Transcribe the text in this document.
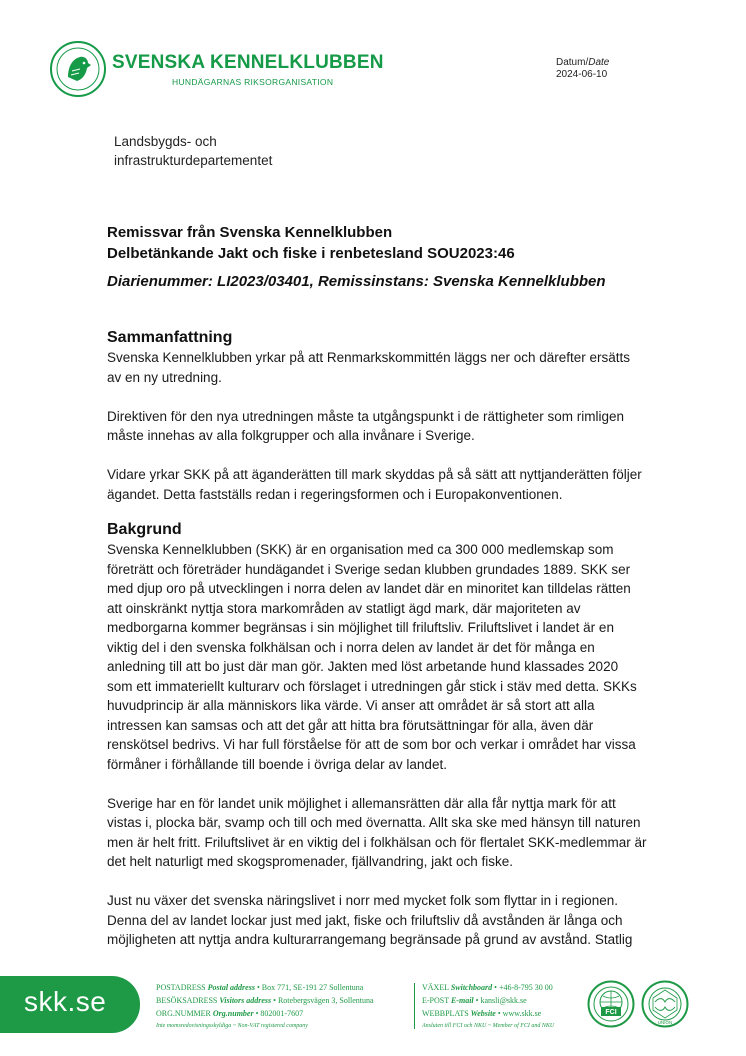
SVENSKA KENNELKLUBBEN
HUNDÄGARNAS RIKSORGANISATION
Datum/Date
2024-06-10
Landsbygds- och
infrastrukturdepartementet
Remissvar från Svenska Kennelklubben
Delbetänkande Jakt och fiske i renbetesland SOU2023:46
Diarienummer: LI2023/03401, Remissinstans: Svenska Kennelklubben
Sammanfattning

Svenska Kennelklubben yrkar på att Renmarkskommittén läggs ner och därefter ersätts av en ny utredning.

Direktiven för den nya utredningen måste ta utgångspunkt i de rättigheter som rimligen måste innehas av alla folkgrupper och alla invånare i Sverige.

Vidare yrkar SKK på att äganderätten till mark skyddas på så sätt att nyttjanderätten följer ägandet. Detta fastställs redan i regeringsformen och i Europakonventionen.

Bakgrund

Svenska Kennelklubben (SKK) är en organisation med ca 300 000 medlemskap som företrätt och företräder hundägandet i Sverige sedan klubben grundades 1889. SKK ser med djup oro på utvecklingen i norra delen av landet där en minoritet kan tilldelas rätten att oinskränkt nyttja stora markområden av statligt ägd mark, där majoriteten av medborgarna kommer begränsas i sin möjlighet till friluftsliv. Friluftslivet i landet är en viktig del i den svenska folkhälsan och i norra delen av landet är det för många en anledning till att bo just där man gör. Jakten med löst arbetande hund klassades 2020 som ett immateriellt kulturarv och förslaget i utredningen går stick i stäv med detta. SKKs huvudprincip är alla människors lika värde. Vi anser att området är så stort att alla intressen kan samsas och att det går att hitta bra förutsättningar för alla, även där renskötsel bedrivs. Vi har full förståelse för att de som bor och verkar i området har vissa förmåner i förhållande till boende i övriga delar av landet.

Sverige har en för landet unik möjlighet i allemansrätten där alla får nyttja mark för att vistas i, plocka bär, svamp och till och med övernatta. Allt ska ske med hänsyn till naturen men är helt fritt. Friluftslivet är en viktig del i folkhälsan och för flertalet SKK-medlemmar är det helt naturligt med skogspromenader, fjällvandring, jakt och fiske.

Just nu växer det svenska näringslivet i norr med mycket folk som flyttar in i regionen. Denna del av landet lockar just med jakt, fiske och friluftsliv då avstånden är långa och möjligheten att nyttja andra kulturarrangemang begränsade på grund av avstånd. Statlig

skk.se	POSTADRESS Postal address • Box 771, SE-191 27 Sollentuna
BESÖKSADRESS Visitors address • Rotebergsvägen 3, Sollentuna
ORG.NUMMER Org.number • 802001-7607
Inte momsredovisningsskyldiga ~ Non-VAT registered company
VÄXEL Switchboard • +46-8-795 30 00
E-POST E-mail • kansli@skk.se
WEBBPLATS Website • www.skk.se
Ansluten till FCI och NKU ~ Member of FCI and NKU
FCI
UNION
